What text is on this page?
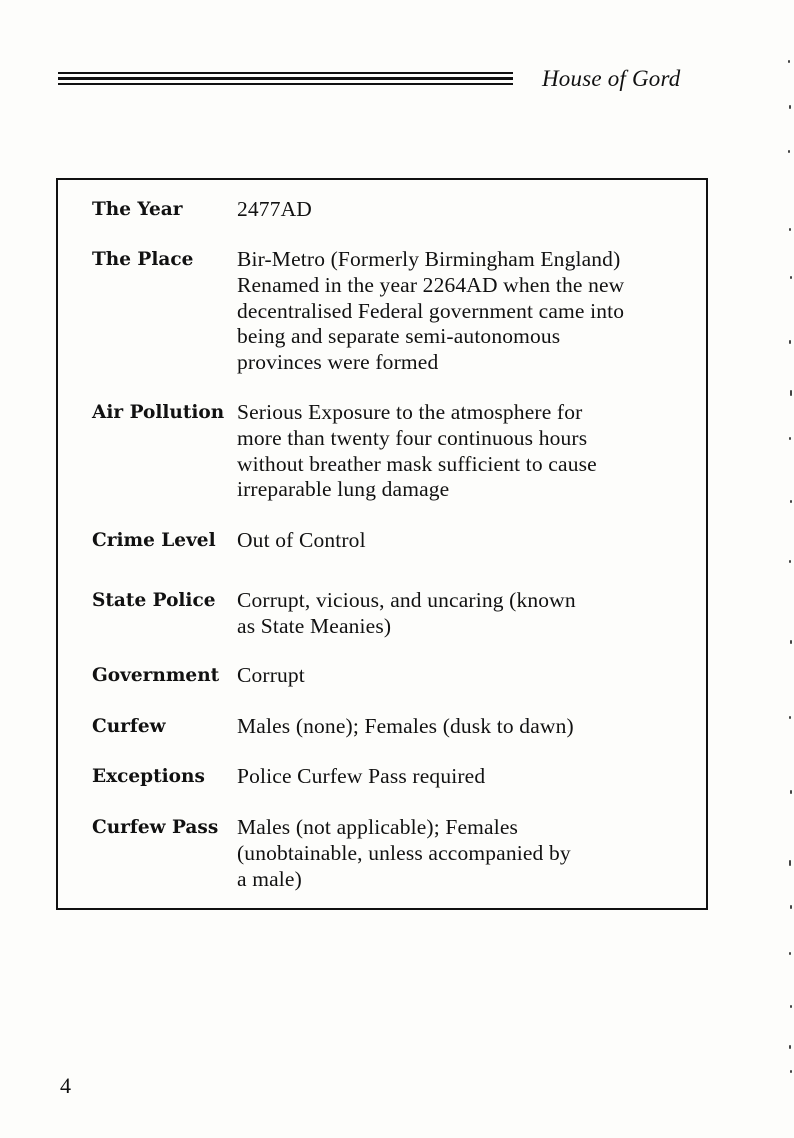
House of Gord
The Year	2477AD
The Place Bir-Metro (Formerly Birmingham England)
Renamed in the year 2264AD when the new
decentralised Federal government came into
being and separate semi-autonomous
provinces were formed
Air Pollution Serious Exposure to the atmosphere for
more than twenty four continuous hours
without breather mask sufficient to cause
irreparable lung damage
Crime Level Out of Control
State Police Corrupt, vicious, and uncaring (known
as State Meanies)
Government Corrupt
Curfew	Males (none); Females (dusk to dawn)
Exceptions Police Curfew Pass required
Curfew Pass Males (not applicable); Females
(unobtainable, unless accompanied by
a male)
4
